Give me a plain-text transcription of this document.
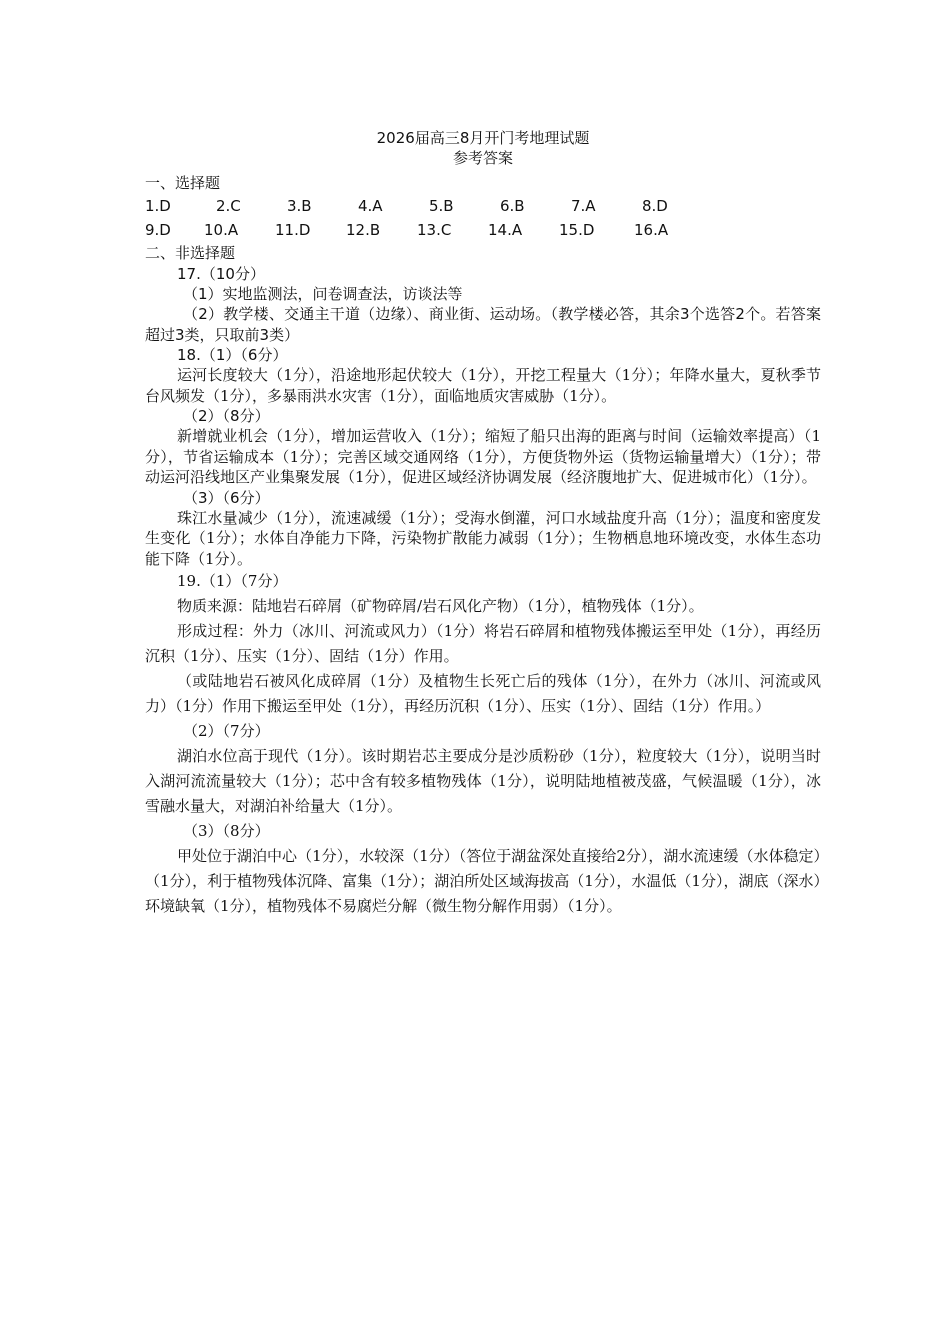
2026届高三8月开门考地理试题

参考答案

一、选择题

1.D	2.C	3.B	4.A	5.B	6.B	7.A	8.D
9.D	10.A	11.D	12.B	13.C	14.A	15.D	16.A

二、非选择题

17.（10分）

（1）实地监测法，问卷调查法，访谈法等

（2）教学楼、交通主干道（边缘）、商业街、运动场。（教学楼必答，其余3个选答2个。若答案超过3类，只取前3类）

18.（1）（6分）

运河长度较大（1分），沿途地形起伏较大（1分），开挖工程量大（1分）；年降水量大，夏秋季节台风频发（1分），多暴雨洪水灾害（1分），面临地质灾害威胁（1分）。

（2）（8分）

新增就业机会（1分），增加运营收入（1分）；缩短了船只出海的距离与时间（运输效率提高）（1分），节省运输成本（1分）；完善区域交通网络（1分），方便货物外运（货物运输量增大）（1分）；带动运河沿线地区产业集聚发展（1分），促进区域经济协调发展（经济腹地扩大、促进城市化）（1分）。

（3）（6分）

珠江水量减少（1分），流速减缓（1分）；受海水倒灌，河口水域盐度升高（1分）；温度和密度发生变化（1分）；水体自净能力下降，污染物扩散能力减弱（1分）；生物栖息地环境改变，水体生态功能下降（1分）。

19.（1）（7分）

物质来源：陆地岩石碎屑（矿物碎屑/岩石风化产物）（1分），植物残体（1分）。

形成过程：外力（冰川、河流或风力）（1分）将岩石碎屑和植物残体搬运至甲处（1分），再经历沉积（1分）、压实（1分）、固结（1分）作用。

（或陆地岩石被风化成碎屑（1分）及植物生长死亡后的残体（1分），在外力（冰川、河流或风力）（1分）作用下搬运至甲处（1分），再经历沉积（1分）、压实（1分）、固结（1分）作用。）

（2）（7分）

湖泊水位高于现代（1分）。该时期岩芯主要成分是沙质粉砂（1分），粒度较大（1分），说明当时入湖河流流量较大（1分）；芯中含有较多植物残体（1分），说明陆地植被茂盛，气候温暖（1分），冰雪融水量大，对湖泊补给量大（1分）。

（3）（8分）

甲处位于湖泊中心（1分），水较深（1分）（答位于湖盆深处直接给2分），湖水流速缓（水体稳定）（1分），利于植物残体沉降、富集（1分）；湖泊所处区域海拔高（1分），水温低（1分），湖底（深水）环境缺氧（1分），植物残体不易腐烂分解（微生物分解作用弱）（1分）。
